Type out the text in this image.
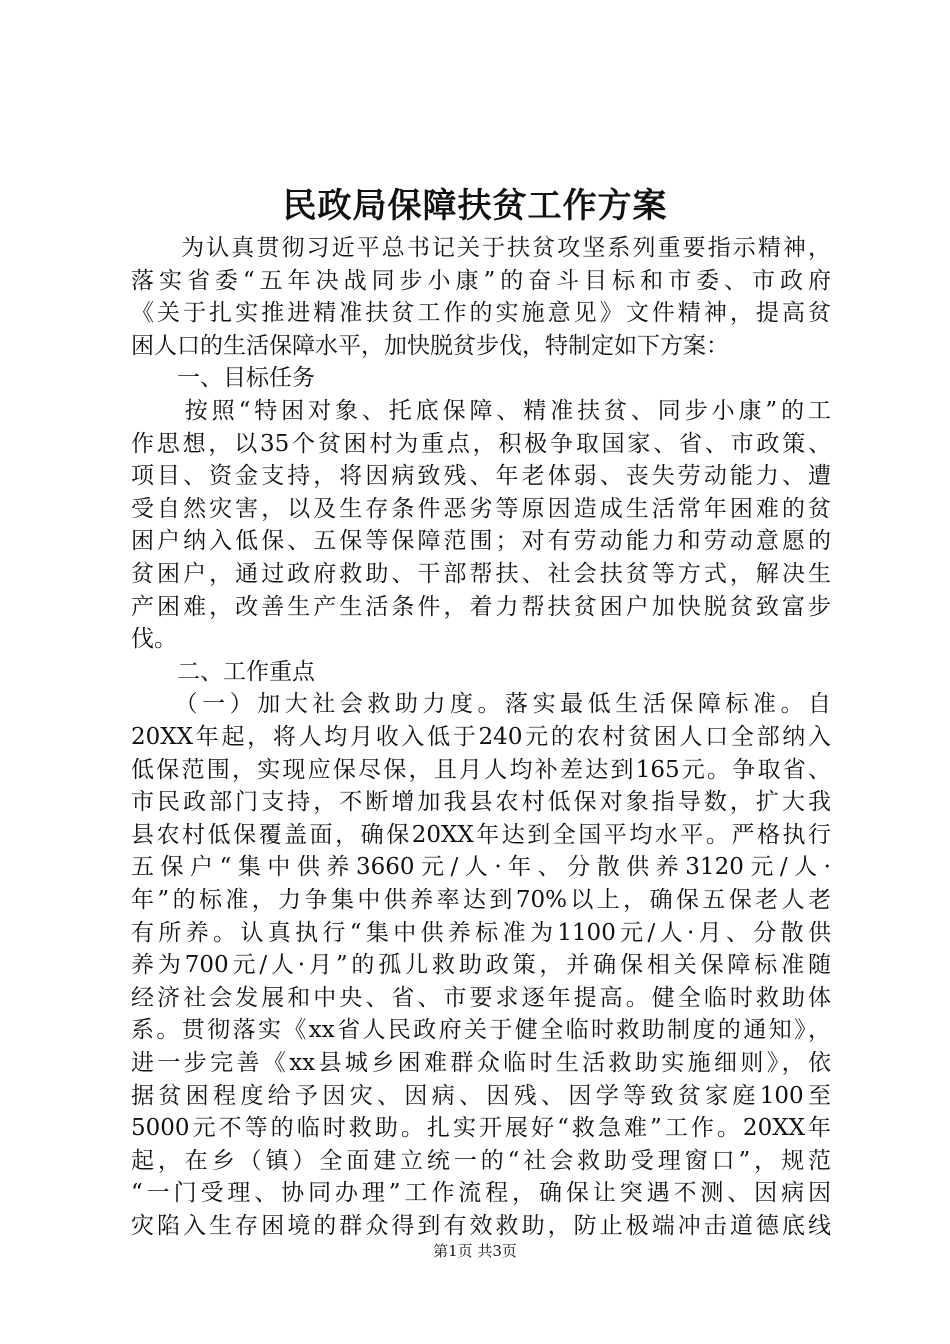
民政局保障扶贫工作方案
　　为认真贯彻习近平总书记关于扶贫攻坚系列重要指示精神，
落实省委“五年决战同步小康”的奋斗目标和市委、市政府
《关于扎实推进精准扶贫工作的实施意见》文件精神，提高贫
困人口的生活保障水平，加快脱贫步伐，特制定如下方案：
　　一、目标任务
　　按照“特困对象、托底保障、精准扶贫、同步小康”的工
作思想，以35个贫困村为重点，积极争取国家、省、市政策、
项目、资金支持，将因病致残、年老体弱、丧失劳动能力、遭
受自然灾害，以及生存条件恶劣等原因造成生活常年困难的贫
困户纳入低保、五保等保障范围；对有劳动能力和劳动意愿的
贫困户，通过政府救助、干部帮扶、社会扶贫等方式，解决生
产困难，改善生产生活条件，着力帮扶贫困户加快脱贫致富步
伐。
　　二、工作重点
　　（一）加大社会救助力度。落实最低生活保障标准。自
20XX年起，将人均月收入低于240元的农村贫困人口全部纳入
低保范围，实现应保尽保，且月人均补差达到165元。争取省、
市民政部门支持，不断增加我县农村低保对象指导数，扩大我
县农村低保覆盖面，确保20XX年达到全国平均水平。严格执行
五保户“集中供养3660元/人·年、分散供养3120元/人·
年”的标准，力争集中供养率达到70%以上，确保五保老人老
有所养。认真执行“集中供养标准为1100元/人·月、分散供
养为700元/人·月”的孤儿救助政策，并确保相关保障标准随
经济社会发展和中央、省、市要求逐年提高。健全临时救助体
系。贯彻落实《xx省人民政府关于健全临时救助制度的通知》，
进一步完善《xx县城乡困难群众临时生活救助实施细则》，依
据贫困程度给予因灾、因病、因残、因学等致贫家庭100至
5000元不等的临时救助。扎实开展好“救急难”工作。20XX年
起，在乡（镇）全面建立统一的“社会救助受理窗口”，规范
“一门受理、协同办理”工作流程，确保让突遇不测、因病因
灾陷入生存困境的群众得到有效救助，防止极端冲击道德底线
第1页 共3页
